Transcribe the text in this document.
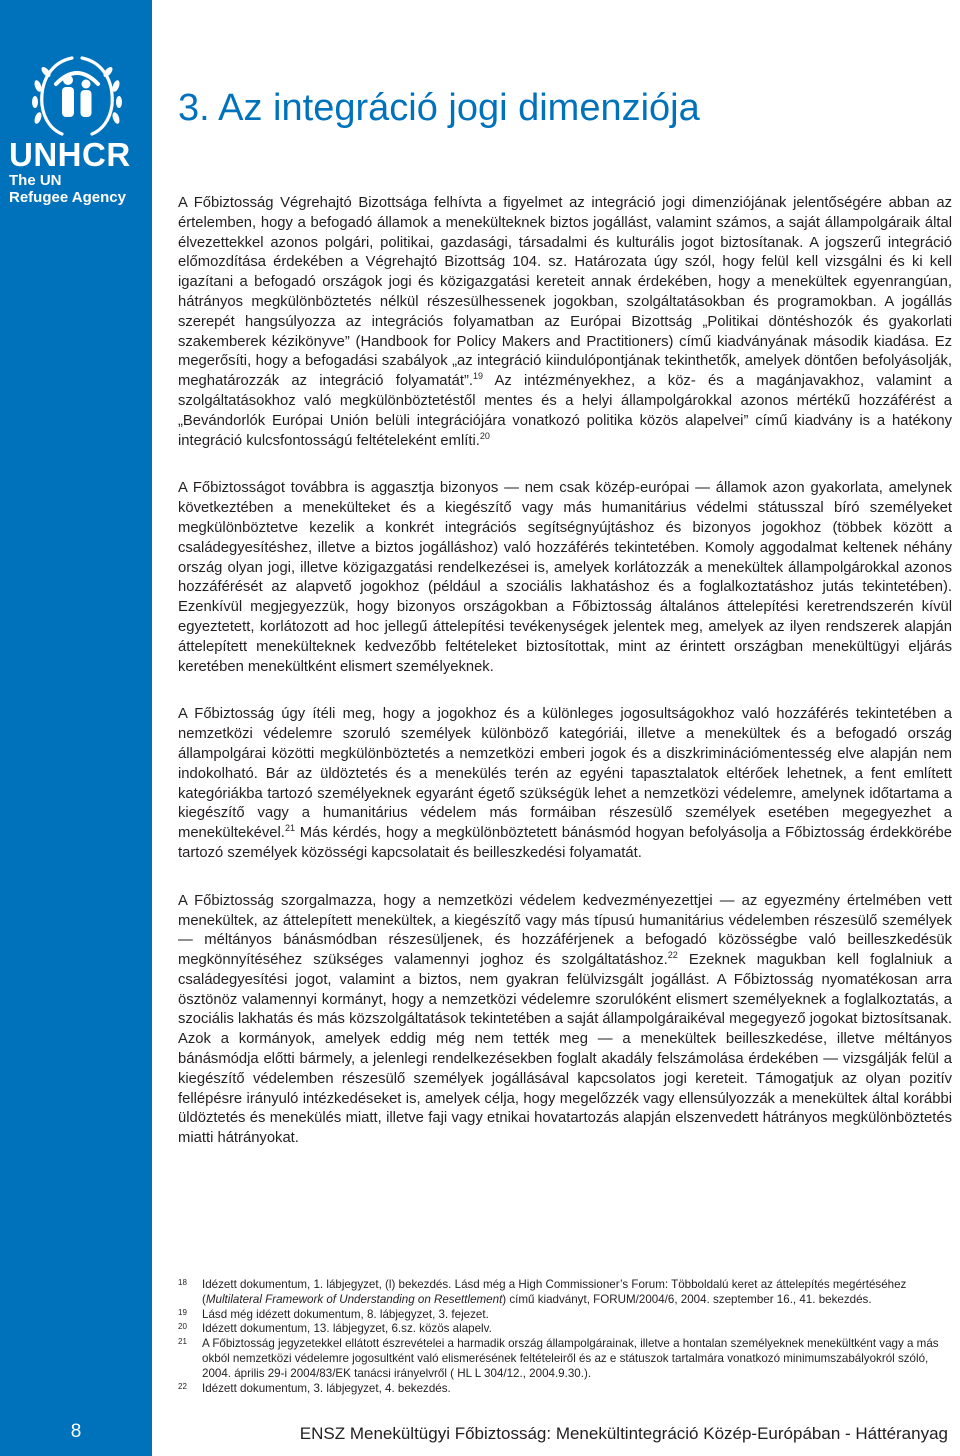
UNHCR
The UN
Refugee Agency
8
3. Az integráció jogi dimenziója

A Főbiztosság Végrehajtó Bizottsága felhívta a figyelmet az integráció jogi dimenziójának jelentőségére abban az értelemben, hogy a befogadó államok a menekülteknek biztos jogállást, valamint számos, a saját állampolgáraik által élvezettekkel azonos polgári, politikai, gazdasági, társadalmi és kulturális jogot biztosítanak. A jogszerű integráció előmozdítása érdekében a Végrehajtó Bizottság 104. sz. Határozata úgy szól, hogy felül kell vizsgálni és ki kell igazítani a befogadó országok jogi és közigazgatási kereteit annak érdekében, hogy a menekültek egyenrangúan, hátrányos megkülönböztetés nélkül részesülhessenek jogokban, szolgáltatásokban és programokban. A jogállás szerepét hangsúlyozza az integrációs folyamatban az Európai Bizottság „Politikai döntéshozók és gyakorlati szakemberek kézikönyve” (Handbook for Policy Makers and Practitioners) című kiadványának második kiadása. Ez megerősíti, hogy a befogadási szabályok „az integráció kiindulópontjának tekinthetők, amelyek döntően befolyásolják, meghatározzák az integráció folyamatát”.$^{19}$ Az intézményekhez, a köz- és a magánjavakhoz, valamint a szolgáltatásokhoz való megkülönböztetéstől mentes és a helyi állampolgárokkal azonos mértékű hozzáférést a „Bevándorlók Európai Unión belüli integrációjára vonatkozó politika közös alapelvei” című kiadvány is a hatékony integráció kulcsfontosságú feltételeként említi.$^{20}$

A Főbiztosságot továbbra is aggasztja bizonyos — nem csak közép-európai — államok azon gyakorlata, amelynek következtében a menekülteket és a kiegészítő vagy más humanitárius védelmi státusszal bíró személyeket megkülönböztetve kezelik a konkrét integrációs segítségnyújtáshoz és bizonyos jogokhoz (többek között a családegyesítéshez, illetve a biztos jogálláshoz) való hozzáférés tekintetében. Komoly aggodalmat keltenek néhány ország olyan jogi, illetve közigazgatási rendelkezései is, amelyek korlátozzák a menekültek állampolgárokkal azonos hozzáférését az alapvető jogokhoz (például a szociális lakhatáshoz és a foglalkoztatáshoz jutás tekintetében). Ezenkívül megjegyezzük, hogy bizonyos országokban a Főbiztosság általános áttelepítési keretrendszerén kívül egyeztetett, korlátozott ad hoc jellegű áttelepítési tevékenységek jelentek meg, amelyek az ilyen rendszerek alapján áttelepített menekülteknek kedvezőbb feltételeket biztosítottak, mint az érintett országban menekültügyi eljárás keretében menekültként elismert személyeknek.

A Főbiztosság úgy ítéli meg, hogy a jogokhoz és a különleges jogosultságokhoz való hozzáférés tekintetében a nemzetközi védelemre szoruló személyek különböző kategóriái, illetve a menekültek és a befogadó ország állampolgárai közötti megkülönböztetés a nemzetközi emberi jogok és a diszkriminációmentesség elve alapján nem indokolható. Bár az üldöztetés és a menekülés terén az egyéni tapasztalatok eltérőek lehetnek, a fent említett kategóriákba tartozó személyeknek egyaránt égető szükségük lehet a nemzetközi védelemre, amelynek időtartama a kiegészítő vagy a humanitárius védelem más formáiban részesülő személyek esetében megegyezhet a menekültekével.$^{21}$ Más kérdés, hogy a megkülönböztetett bánásmód hogyan befolyásolja a Főbiztosság érdekkörébe tartozó személyek közösségi kapcsolatait és beilleszkedési folyamatát.

A Főbiztosság szorgalmazza, hogy a nemzetközi védelem kedvezményezettjei — az egyezmény értelmében vett menekültek, az áttelepített menekültek, a kiegészítő vagy más típusú humanitárius védelemben részesülő személyek — méltányos bánásmódban részesüljenek, és hozzáférjenek a befogadó közösségbe való beilleszkedésük megkönnyítéséhez szükséges valamennyi joghoz és szolgáltatáshoz.$^{22}$ Ezeknek magukban kell foglalniuk a családegyesítési jogot, valamint a biztos, nem gyakran felülvizsgált jogállást. A Főbiztosság nyomatékosan arra ösztönöz valamennyi kormányt, hogy a nemzetközi védelemre szorulóként elismert személyeknek a foglalkoztatás, a szociális lakhatás és más közszolgáltatások tekintetében a saját állampolgáraikéval megegyező jogokat biztosítsanak. Azok a kormányok, amelyek eddig még nem tették meg — a menekültek beilleszkedése, illetve méltányos bánásmódja előtti bármely, a jelenlegi rendelkezésekben foglalt akadály felszámolása érdekében — vizsgálják felül a kiegészítő védelemben részesülő személyek jogállásával kapcsolatos jogi kereteit. Támogatjuk az olyan pozitív fellépésre irányuló intézkedéseket is, amelyek célja, hogy megelőzzék vagy ellensúlyozzák a menekültek által korábbi üldöztetés és menekülés miatt, illetve faji vagy etnikai hovatartozás alapján elszenvedett hátrányos megkülönböztetés miatti hátrányokat.

18 Idézett dokumentum, 1. lábjegyzet, (l) bekezdés. Lásd még a High Commissioner’s Forum: Többoldalú keret az áttelepítés megértéséhez (Multilateral Framework of Understanding on Resettlement) című kiadványt, FORUM/2004/6, 2004. szeptember 16., 41. bekezdés.

19 Lásd még idézett dokumentum, 8. lábjegyzet, 3. fejezet.

20 Idézett dokumentum, 13. lábjegyzet, 6.sz. közös alapelv.

21 A Főbiztosság jegyzetekkel ellátott észrevételei a harmadik ország állampolgárainak, illetve a hontalan személyeknek menekültként vagy a más okból nemzetközi védelemre jogosultként való elismerésének feltételeiről és az e státuszok tartalmára vonatkozó minimumszabályokról szóló, 2004. április 29-i 2004/83/EK tanácsi irányelvről ( HL L 304/12., 2004.9.30.).

22 Idézett dokumentum, 3. lábjegyzet, 4. bekezdés.

ENSZ Menekültügyi Főbiztosság: Menekültintegráció Közép-Európában - Háttéranyag
